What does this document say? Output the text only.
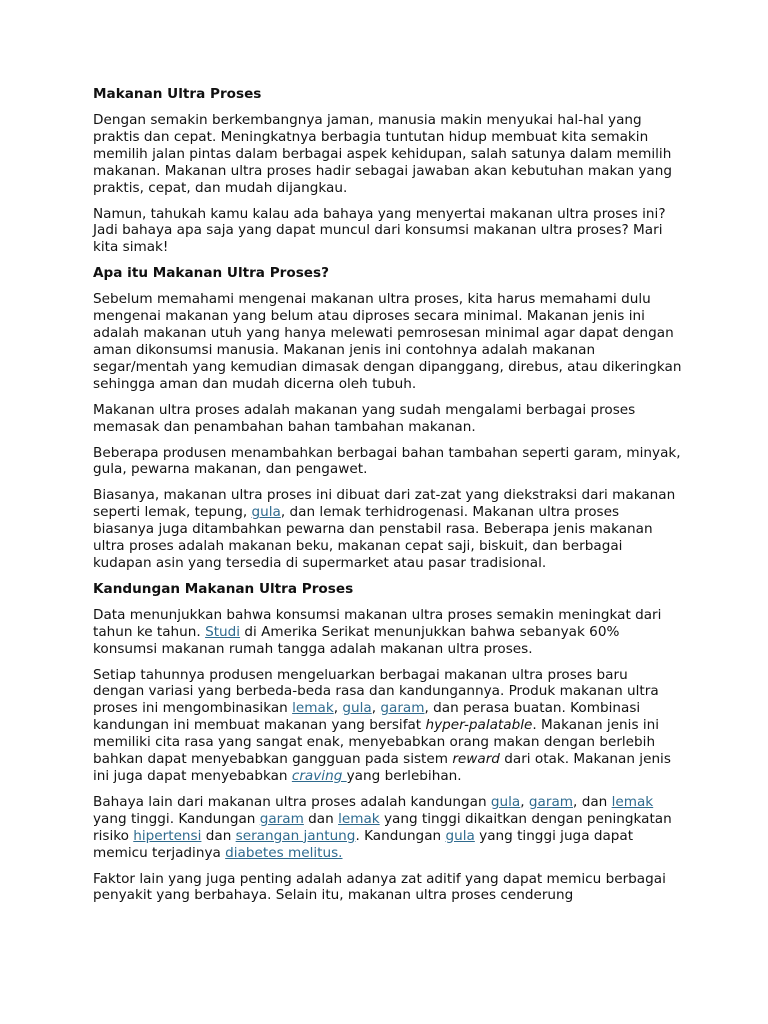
Makanan Ultra Proses

Dengan semakin berkembangnya jaman, manusia makin menyukai hal-hal yang praktis dan cepat. Meningkatnya berbagia tuntutan hidup membuat kita semakin memilih jalan pintas dalam berbagai aspek kehidupan, salah satunya dalam memilih makanan. Makanan ultra proses hadir sebagai jawaban akan kebutuhan makan yang praktis, cepat, dan mudah dijangkau.

Namun, tahukah kamu kalau ada bahaya yang menyertai makanan ultra proses ini? Jadi bahaya apa saja yang dapat muncul dari konsumsi makanan ultra proses? Mari kita simak!

Apa itu Makanan Ultra Proses?

Sebelum memahami mengenai makanan ultra proses, kita harus memahami dulu mengenai makanan yang belum atau diproses secara minimal. Makanan jenis ini adalah makanan utuh yang hanya melewati pemrosesan minimal agar dapat dengan aman dikonsumsi manusia. Makanan jenis ini contohnya adalah makanan segar/mentah yang kemudian dimasak dengan dipanggang, direbus, atau dikeringkan sehingga aman dan mudah dicerna oleh tubuh.

Makanan ultra proses adalah makanan yang sudah mengalami berbagai proses memasak dan penambahan bahan tambahan makanan.

Beberapa produsen menambahkan berbagai bahan tambahan seperti garam, minyak, gula, pewarna makanan, dan pengawet.

Biasanya, makanan ultra proses ini dibuat dari zat-zat yang diekstraksi dari makanan seperti lemak, tepung, gula, dan lemak terhidrogenasi. Makanan ultra proses biasanya juga ditambahkan pewarna dan penstabil rasa. Beberapa jenis makanan ultra proses adalah makanan beku, makanan cepat saji, biskuit, dan berbagai kudapan asin yang tersedia di supermarket atau pasar tradisional.

Kandungan Makanan Ultra Proses

Data menunjukkan bahwa konsumsi makanan ultra proses semakin meningkat dari tahun ke tahun. Studi di Amerika Serikat menunjukkan bahwa sebanyak 60% konsumsi makanan rumah tangga adalah makanan ultra proses.

Setiap tahunnya produsen mengeluarkan berbagai makanan ultra proses baru dengan variasi yang berbeda-beda rasa dan kandungannya. Produk makanan ultra proses ini mengombinasikan lemak, gula, garam, dan perasa buatan. Kombinasi kandungan ini membuat makanan yang bersifat hyper-palatable. Makanan jenis ini memiliki cita rasa yang sangat enak, menyebabkan orang makan dengan berlebih bahkan dapat menyebabkan gangguan pada sistem reward dari otak. Makanan jenis ini juga dapat menyebabkan craving yang berlebihan.

Bahaya lain dari makanan ultra proses adalah kandungan gula, garam, dan lemak yang tinggi. Kandungan garam dan lemak yang tinggi dikaitkan dengan peningkatan risiko hipertensi dan serangan jantung. Kandungan gula yang tinggi juga dapat memicu terjadinya diabetes melitus.

Faktor lain yang juga penting adalah adanya zat aditif yang dapat memicu berbagai penyakit yang berbahaya. Selain itu, makanan ultra proses cenderung
